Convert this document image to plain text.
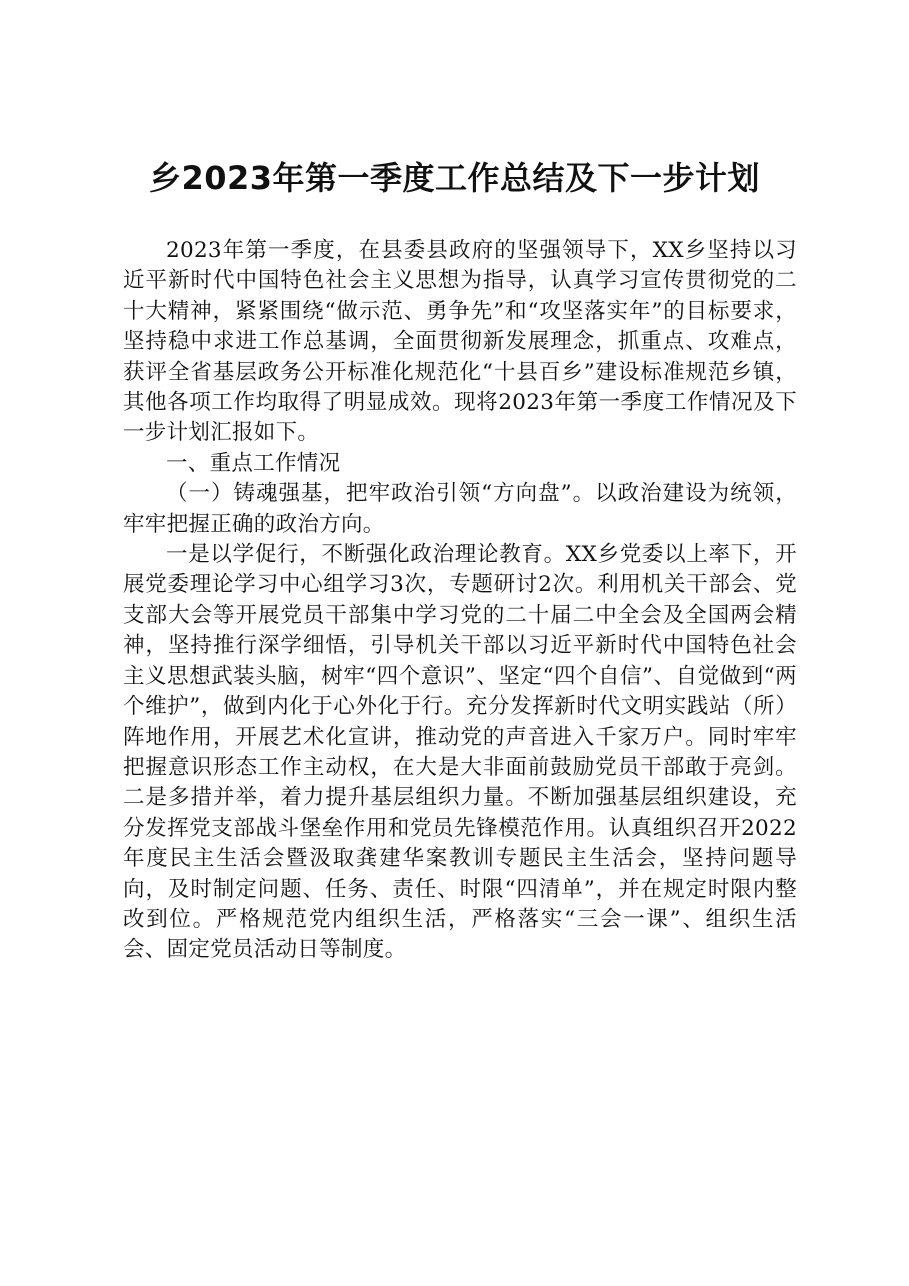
乡2023年第一季度工作总结及下一步计划

2023年第一季度，在县委县政府的坚强领导下，XX乡坚持以习近平新时代中国特色社会主义思想为指导，认真学习宣传贯彻党的二十大精神，紧紧围绕“做示范、勇争先”和“攻坚落实年”的目标要求，坚持稳中求进工作总基调，全面贯彻新发展理念，抓重点、攻难点，获评全省基层政务公开标准化规范化“十县百乡”建设标准规范乡镇，其他各项工作均取得了明显成效。现将2023年第一季度工作情况及下一步计划汇报如下。

一、重点工作情况

（一）铸魂强基，把牢政治引领“方向盘”。以政治建设为统领，牢牢把握正确的政治方向。

一是以学促行，不断强化政治理论教育。XX乡党委以上率下，开展党委理论学习中心组学习3次，专题研讨2次。利用机关干部会、党支部大会等开展党员干部集中学习党的二十届二中全会及全国两会精神，坚持推行深学细悟，引导机关干部以习近平新时代中国特色社会主义思想武装头脑，树牢“四个意识”、坚定“四个自信”、自觉做到“两个维护”，做到内化于心外化于行。充分发挥新时代文明实践站（所）阵地作用，开展艺术化宣讲，推动党的声音进入千家万户。同时牢牢把握意识形态工作主动权，在大是大非面前鼓励党员干部敢于亮剑。二是多措并举，着力提升基层组织力量。不断加强基层组织建设，充分发挥党支部战斗堡垒作用和党员先锋模范作用。认真组织召开2022年度民主生活会暨汲取龚建华案教训专题民主生活会，坚持问题导向，及时制定问题、任务、责任、时限“四清单”，并在规定时限内整改到位。严格规范党内组织生活，严格落实“三会一课”、组织生活会、固定党员活动日等制度。
